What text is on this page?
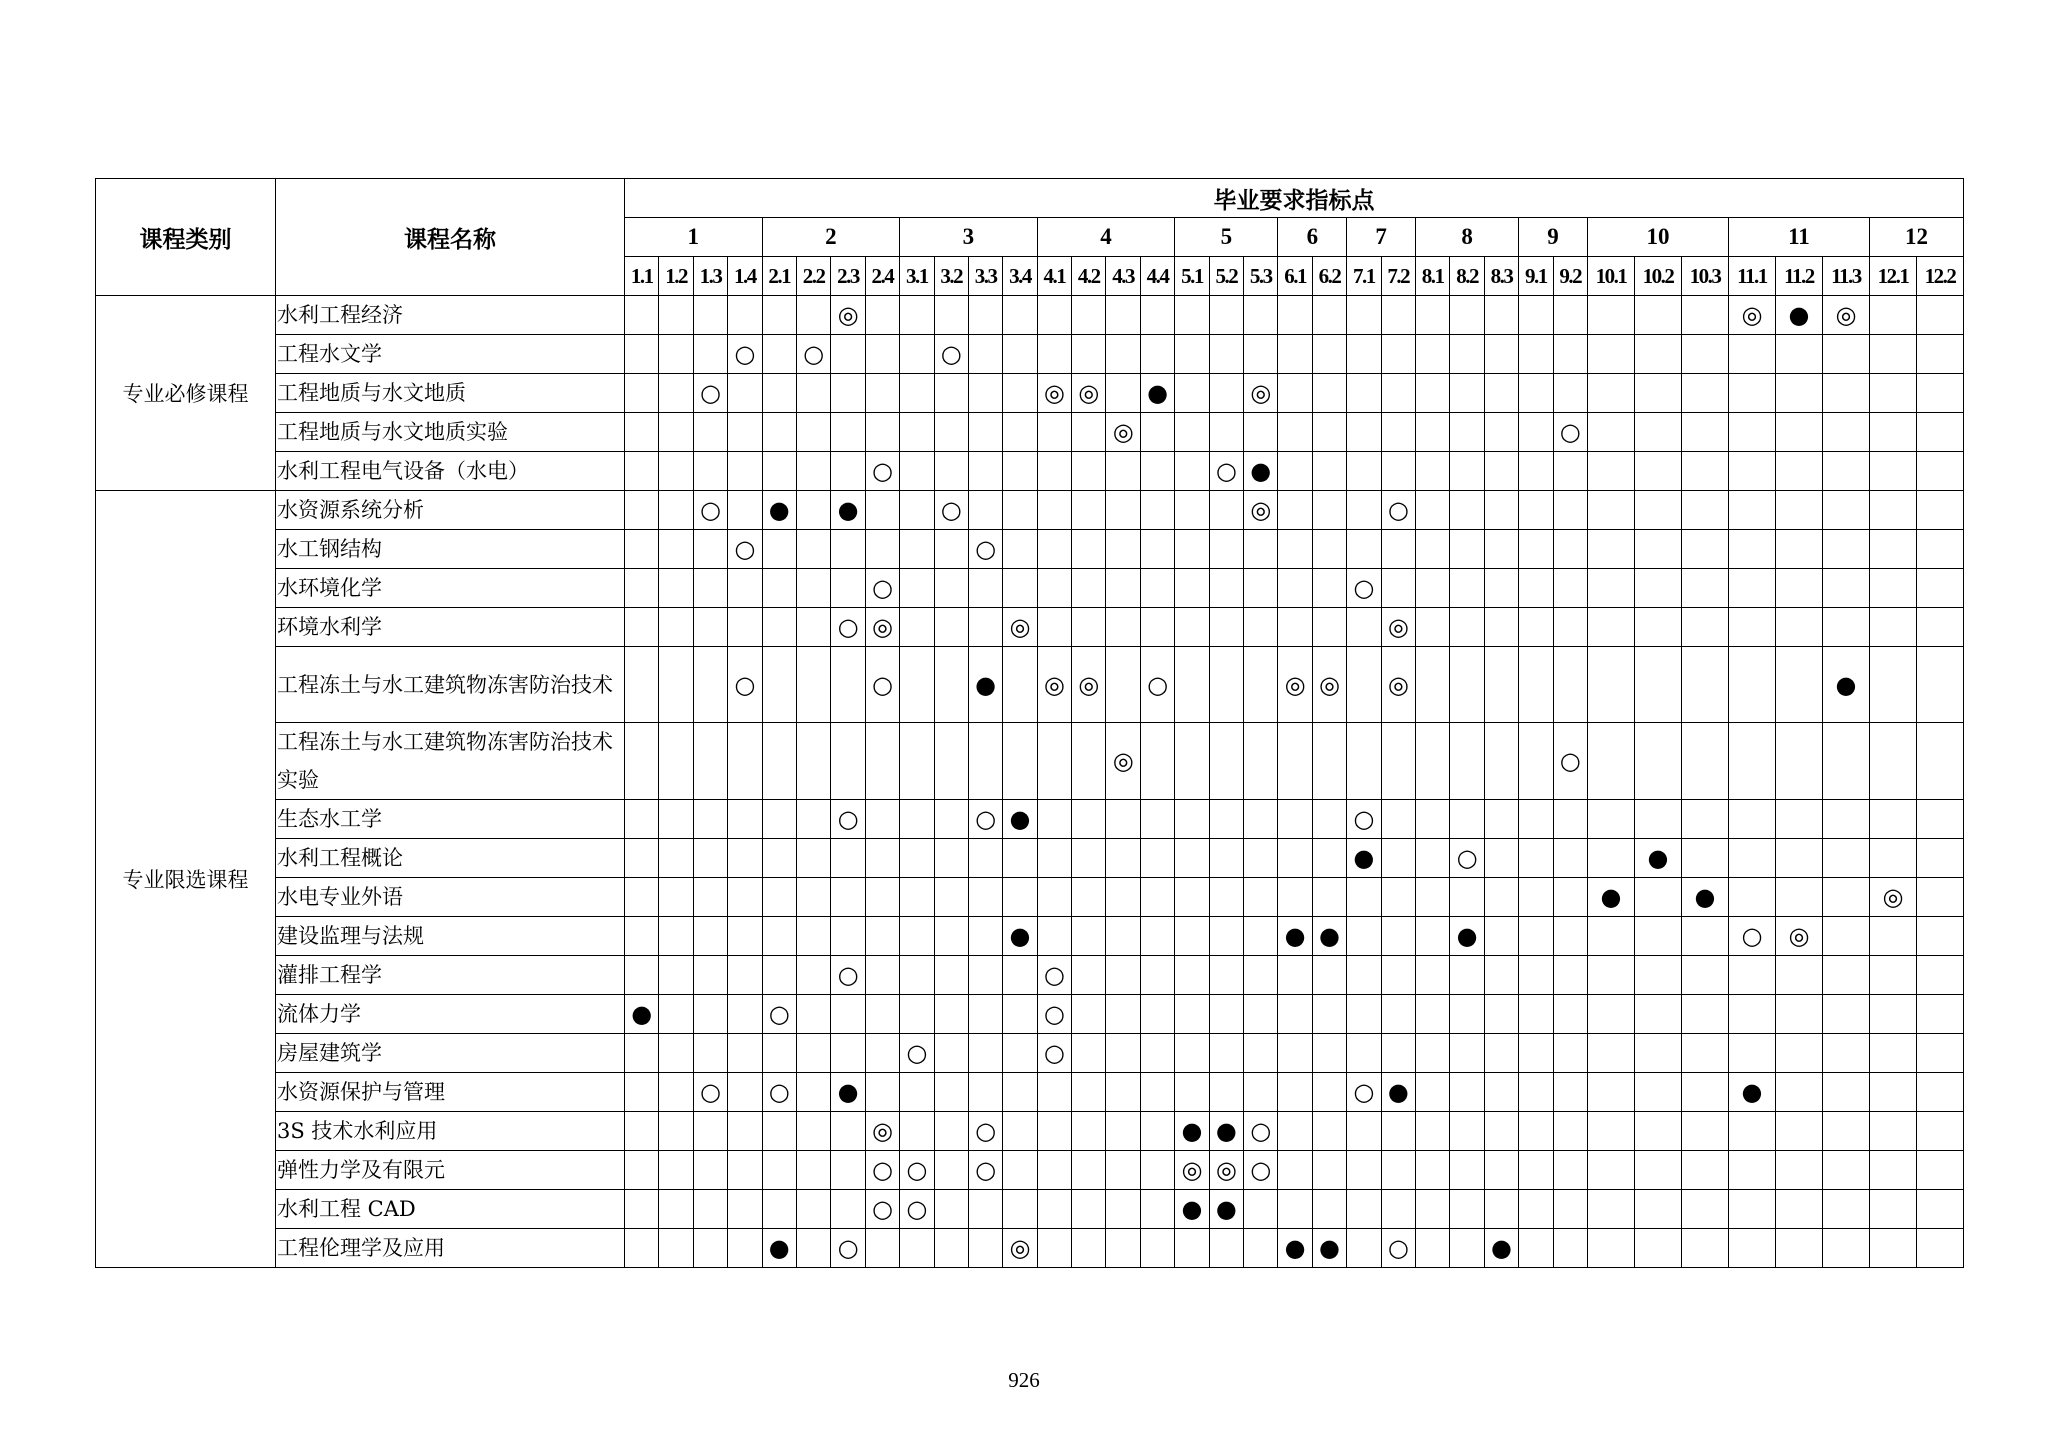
课程类别	课程名称	毕业要求指标点																																			
		1				2				3				4				5			6		7		8			9		10			11			12	
		1.1	1.2	1.3	1.4	2.1	2.2	2.3	2.4	3.1	3.2	3.3	3.4	4.1	4.2	4.3	4.4	5.1	5.2	5.3	6.1	6.2	7.1	7.2	8.1	8.2	8.3	9.1	9.2	10.1	10.2	10.3	11.1	11.2	11.3	12.1	12.2
专业必修课程	水利工程经济							◎																									◎	●	◎		
	工程水文学				○		○				○																										
	工程地质与水文地质			○										◎	◎		●			◎																	
	工程地质与水文地质实验															◎													○								
	水利工程电气设备（水电）								○										○	●																	
专业限选课程	水资源系统分析			○		●		●			○									◎				○													
	水工钢结构				○							○																									
	水环境化学								○														○														
	环境水利学							○	◎				◎											◎													
	工程冻土与水工建筑物冻害防治技术				○				○			●		◎	◎		○				◎	◎		◎											●		
	工程冻土与水工建筑物冻害防治技术实验															◎													○								
	生态水工学							○				○	●										○														
	水利工程概论																						●			○					●						
	水电专业外语																													●		●				◎	
	建设监理与法规												●								●	●				●							○	◎			
	灌排工程学							○						○																							
	流体力学	●				○								○																							
	房屋建筑学									○				○																							
	水资源保护与管理			○		○		●															○	●									●				
	3S 技术水利应用								◎			○						●	●	○																	
	弹性力学及有限元								○	○		○						◎	◎	○																	
	水利工程 CAD								○	○								●	●																		
	工程伦理学及应用					●		○					◎								●	●		○			●										
926
